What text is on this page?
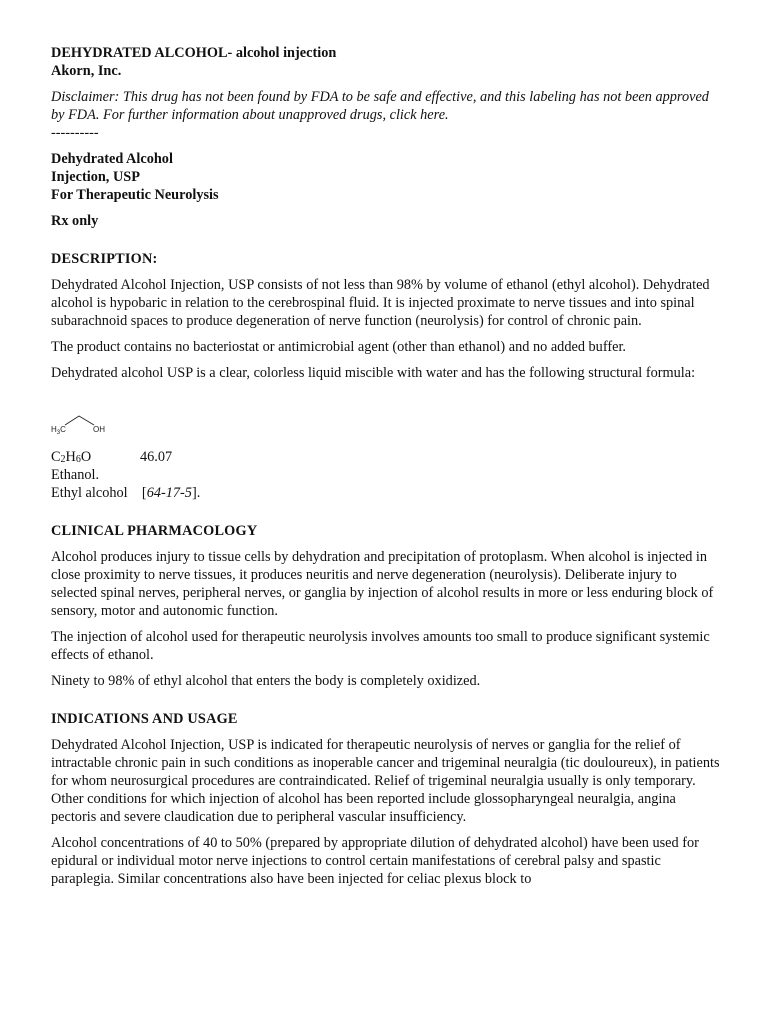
DEHYDRATED ALCOHOL- alcohol injection

Akorn, Inc.

Disclaimer: This drug has not been found by FDA to be safe and effective, and this labeling has not been approved by FDA. For further information about unapproved drugs, click here.

----------

Dehydrated Alcohol

Injection, USP

For Therapeutic Neurolysis

Rx only

DESCRIPTION:

Dehydrated Alcohol Injection, USP consists of not less than 98% by volume of ethanol (ethyl alcohol). Dehydrated alcohol is hypobaric in relation to the cerebrospinal fluid. It is injected proximate to nerve tissues and into spinal subarachnoid spaces to produce degeneration of nerve function (neurolysis) for control of chronic pain.

The product contains no bacteriostat or antimicrobial agent (other than ethanol) and no added buffer.

Dehydrated alcohol USP is a clear, colorless liquid miscible with water and has the following structural formula:

$H_3C$	OH
$C_2H_6O$	46.07

Ethanol.

Ethyl alcohol    [64-17-5].

CLINICAL PHARMACOLOGY

Alcohol produces injury to tissue cells by dehydration and precipitation of protoplasm. When alcohol is injected in close proximity to nerve tissues, it produces neuritis and nerve degeneration (neurolysis). Deliberate injury to selected spinal nerves, peripheral nerves, or ganglia by injection of alcohol results in more or less enduring block of sensory, motor and autonomic function.

The injection of alcohol used for therapeutic neurolysis involves amounts too small to produce significant systemic effects of ethanol.

Ninety to 98% of ethyl alcohol that enters the body is completely oxidized.

INDICATIONS AND USAGE

Dehydrated Alcohol Injection, USP is indicated for therapeutic neurolysis of nerves or ganglia for the relief of intractable chronic pain in such conditions as inoperable cancer and trigeminal neuralgia (tic douloureux), in patients for whom neurosurgical procedures are contraindicated. Relief of trigeminal neuralgia usually is only temporary. Other conditions for which injection of alcohol has been reported include glossopharyngeal neuralgia, angina pectoris and severe claudication due to peripheral vascular insufficiency.

Alcohol concentrations of 40 to 50% (prepared by appropriate dilution of dehydrated alcohol) have been used for epidural or individual motor nerve injections to control certain manifestations of cerebral palsy and spastic paraplegia. Similar concentrations also have been injected for celiac plexus block to
